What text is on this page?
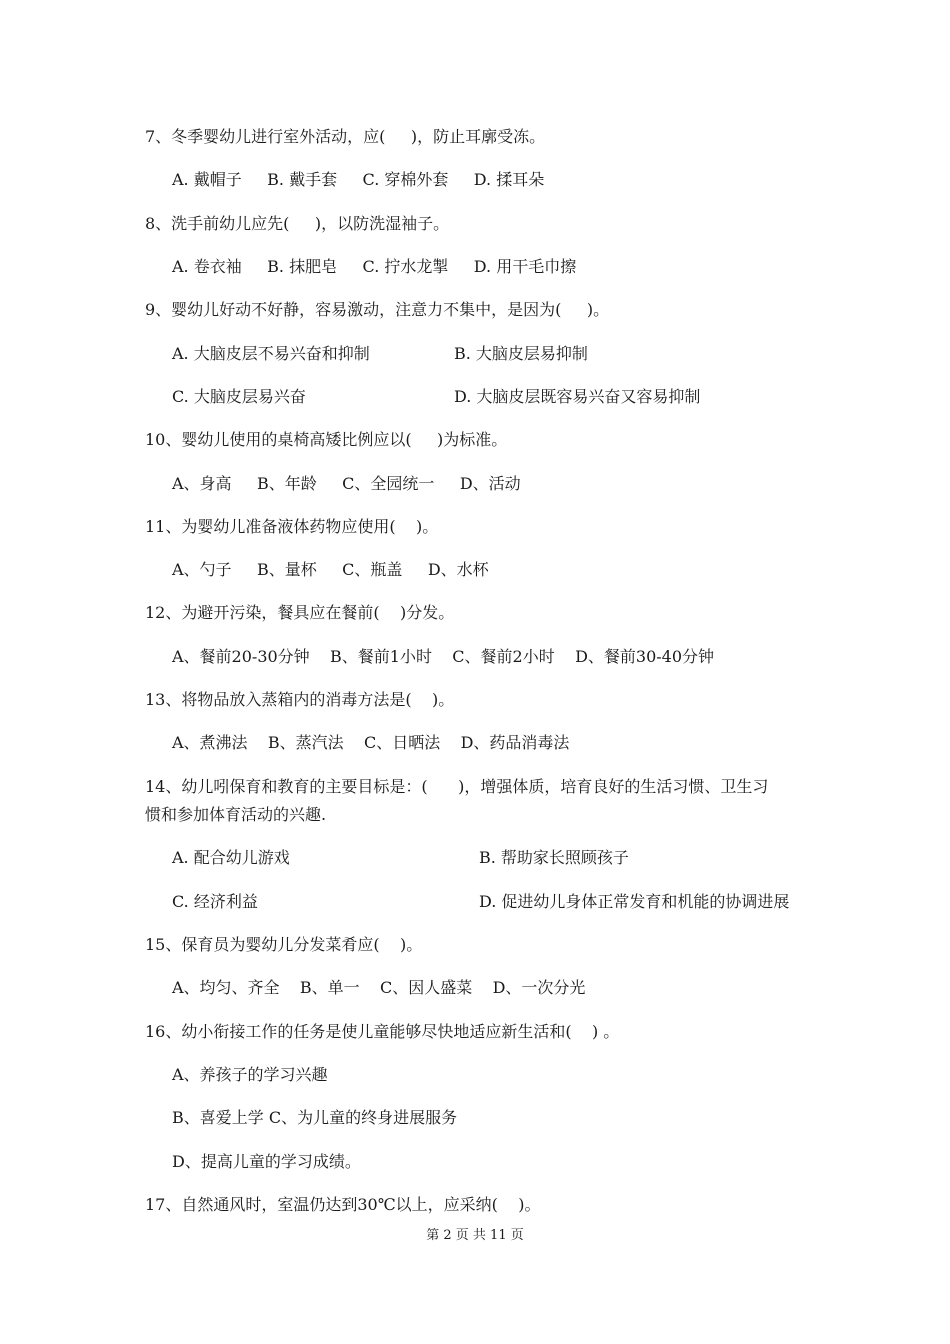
7、冬季婴幼儿进行室外活动，应(     )，防止耳廓受冻。
A. 戴帽子     B. 戴手套     C. 穿棉外套     D. 揉耳朵
8、洗手前幼儿应先(     )，以防洗湿袖子。
A. 卷衣袖     B. 抹肥皂     C. 拧水龙掣     D. 用干毛巾擦
9、婴幼儿好动不好静，容易激动，注意力不集中，是因为(     )。
A. 大脑皮层不易兴奋和抑制	B. 大脑皮层易抑制
C. 大脑皮层易兴奋	D. 大脑皮层既容易兴奋又容易抑制
10、婴幼儿使用的桌椅高矮比例应以(     )为标准。
A、身高     B、年龄     C、全园统一     D、活动
11、为婴幼儿准备液体药物应使用(    )。
A、勺子     B、量杯     C、瓶盖     D、水杯
12、为避开污染，餐具应在餐前(    )分发。
A、餐前20-30分钟    B、餐前1小时    C、餐前2小时    D、餐前30-40分钟
13、将物品放入蒸箱内的消毒方法是(    )。
A、煮沸法    B、蒸汽法    C、日晒法    D、药品消毒法
14、幼儿吲保育和教育的主要目标是：(      )，增强体质，培育良好的生活习惯、卫生习
惯和参加体育活动的兴趣.
A. 配合幼儿游戏	B. 帮助家长照顾孩子
C. 经济利益	D. 促进幼儿身体正常发育和机能的协调进展
15、保育员为婴幼儿分发菜肴应(    )。
A、均匀、齐全    B、单一    C、因人盛菜    D、一次分光
16、幼小衔接工作的任务是使儿童能够尽快地适应新生活和(    ) 。
A、养孩子的学习兴趣
B、喜爱上学 C、为儿童的终身进展服务
D、提高儿童的学习成绩。
17、自然通风时，室温仍达到30℃以上，应采纳(    )。
第 2 页 共 11 页
